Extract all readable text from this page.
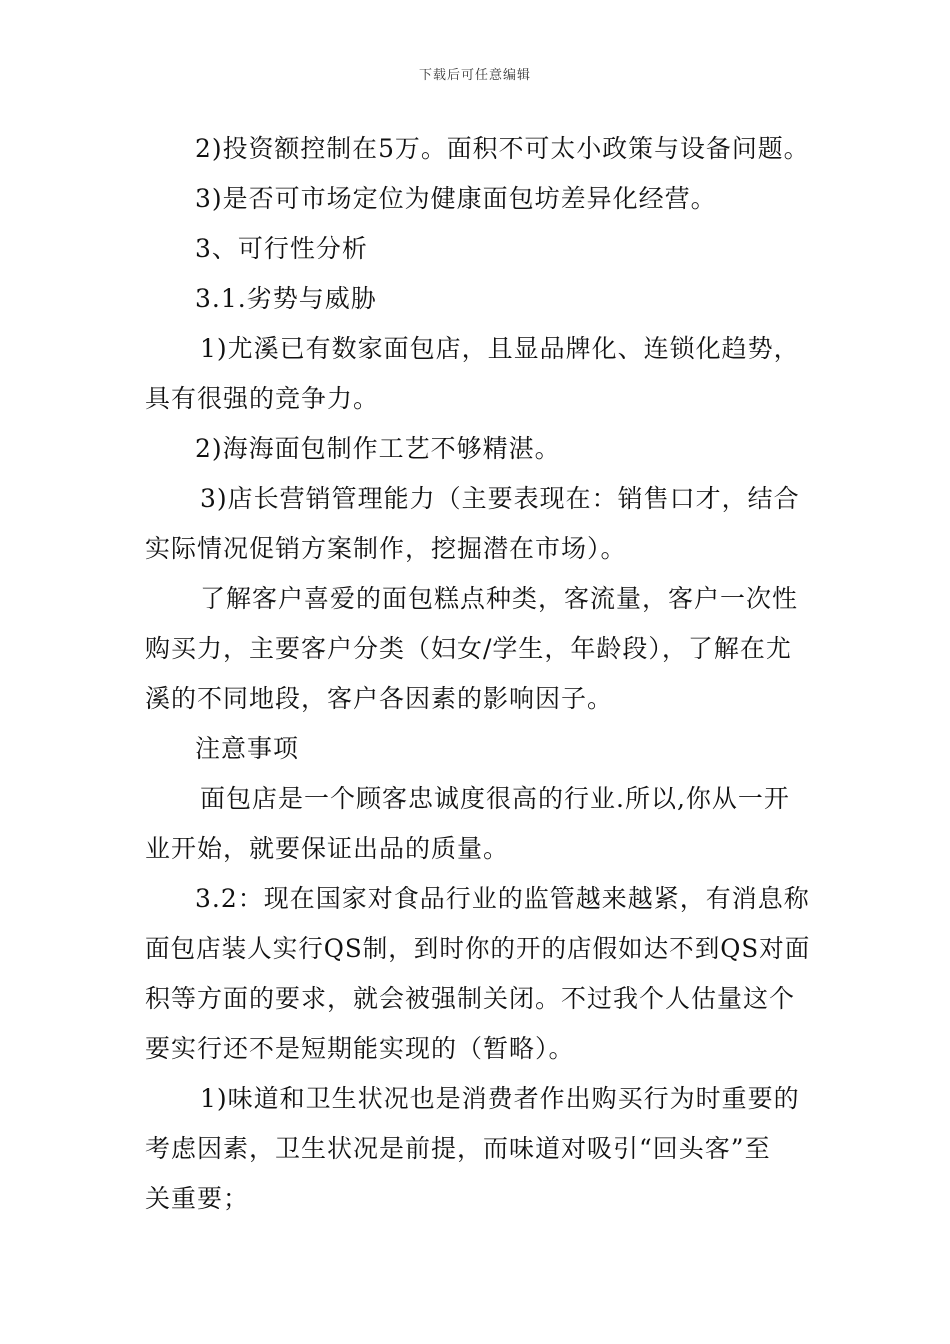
下载后可任意编辑
2)投资额控制在5万。面积不可太小政策与设备问题。
3)是否可市场定位为健康面包坊差异化经营。
3、可行性分析
3.1.劣势与威胁
1)尤溪已有数家面包店，且显品牌化、连锁化趋势，
具有很强的竞争力。
2)海海面包制作工艺不够精湛。
3)店长营销管理能力（主要表现在：销售口才，结合
实际情况促销方案制作，挖掘潜在市场）。
了解客户喜爱的面包糕点种类，客流量，客户一次性
购买力，主要客户分类（妇女/学生，年龄段），了解在尤
溪的不同地段，客户各因素的影响因子。
注意事项
面包店是一个顾客忠诚度很高的行业.所以,你从一开
业开始，就要保证出品的质量。
3.2：现在国家对食品行业的监管越来越紧，有消息称
面包店装人实行QS制，到时你的开的店假如达不到QS对面
积等方面的要求，就会被强制关闭。不过我个人估量这个
要实行还不是短期能实现的（暂略）。
1)味道和卫生状况也是消费者作出购买行为时重要的
考虑因素，卫生状况是前提，而味道对吸引“回头客”至
关重要；
